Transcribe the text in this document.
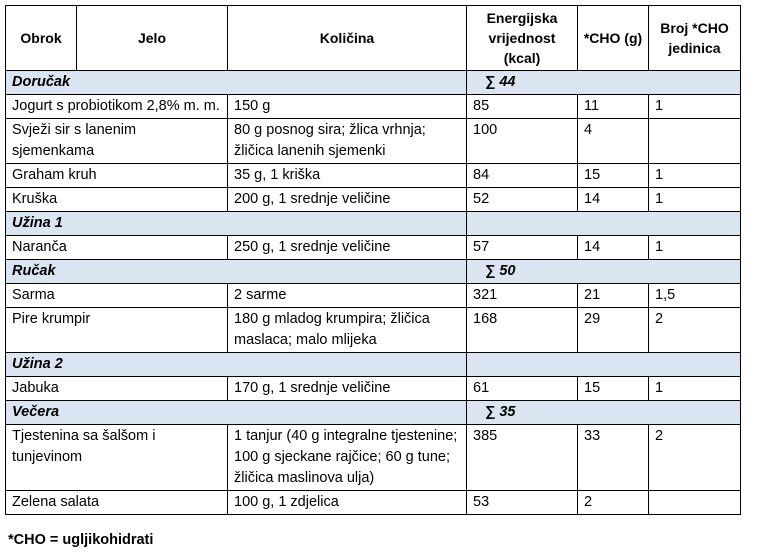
Obrok	Jelo	Količina	Energijska vrijednost (kcal)	*CHO (g)	Broj *CHO jedinica
Doručak			∑ 44		
Jogurt s probiotikom 2,8% m. m.		150 g	85	11	1
Svježi sir s lanenim sjemenkama		80 g posnog sira; žlica vrhnja; žličica lanenih sjemenki	100	4	
Graham kruh		35 g, 1 kriška	84	15	1
Kruška		200 g, 1 srednje veličine	52	14	1
Užina 1					
Naranča		250 g, 1 srednje veličine	57	14	1
Ručak			∑ 50		
Sarma		2 sarme	321	21	1,5
Pire krumpir		180 g mladog krumpira; žličica maslaca; malo mlijeka	168	29	2
Užina 2					
Jabuka		170 g, 1 srednje veličine	61	15	1
Večera			∑ 35		
Tjestenina sa šalšom i tunjevinom		1 tanjur (40 g integralne tjestenine; 100 g sjeckane rajčice; 60 g tune; žličica maslinova ulja)	385	33	2
Zelena salata		100 g, 1 zdjelica	53	2	
*CHO = ugljikohidrati
